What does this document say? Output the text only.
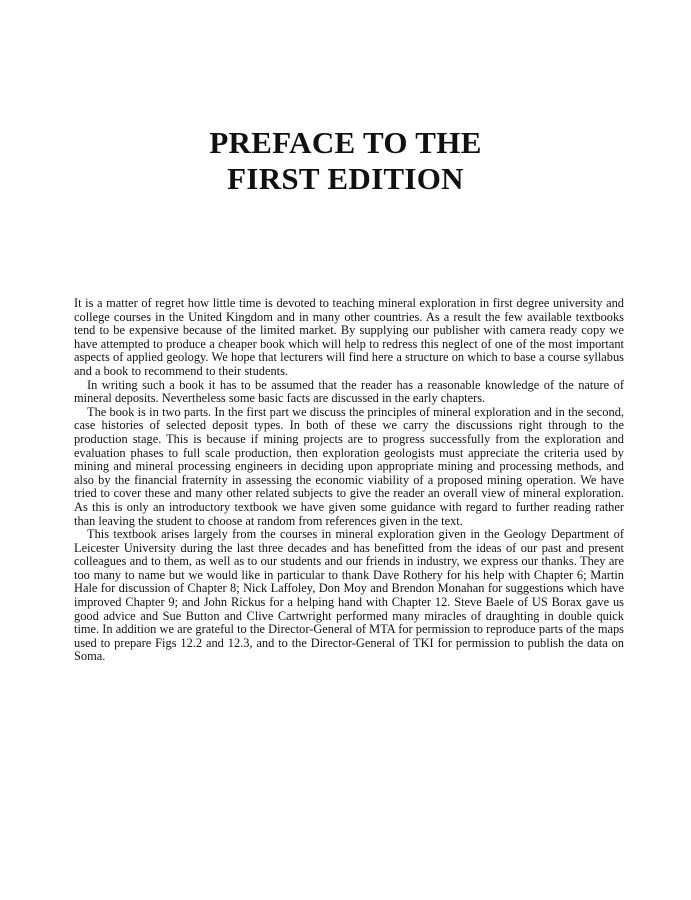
PREFACE TO THE
FIRST EDITION

It is a matter of regret how little time is devoted to teaching mineral exploration in first degree university and college courses in the United Kingdom and in many other countries. As a result the few available textbooks tend to be expensive because of the limited market. By supplying our publisher with camera ready copy we have attempted to produce a cheaper book which will help to redress this neglect of one of the most important aspects of applied geology. We hope that lecturers will find here a structure on which to base a course syllabus and a book to recommend to their students.

In writing such a book it has to be assumed that the reader has a reasonable knowledge of the nature of mineral deposits. Nevertheless some basic facts are discussed in the early chapters.

The book is in two parts. In the first part we discuss the principles of mineral exploration and in the second, case histories of selected deposit types. In both of these we carry the discussions right through to the production stage. This is because if mining projects are to progress successfully from the exploration and evaluation phases to full scale production, then exploration geologists must appreciate the criteria used by mining and mineral processing engineers in deciding upon appropriate mining and processing methods, and also by the financial fraternity in assessing the economic viability of a proposed mining operation. We have tried to cover these and many other related subjects to give the reader an overall view of mineral exploration. As this is only an introductory textbook we have given some guidance with regard to further reading rather than leaving the student to choose at random from references given in the text.

This textbook arises largely from the courses in mineral exploration given in the Geology Department of Leicester University during the last three decades and has benefitted from the ideas of our past and present colleagues and to them, as well as to our students and our friends in industry, we express our thanks. They are too many to name but we would like in particular to thank Dave Rothery for his help with Chapter 6; Martin Hale for discussion of Chapter 8; Nick Laffoley, Don Moy and Brendon Monahan for suggestions which have improved Chapter 9; and John Rickus for a helping hand with Chapter 12. Steve Baele of US Borax gave us good advice and Sue Button and Clive Cartwright performed many miracles of draughting in double quick time. In addition we are grateful to the Director-General of MTA for permission to reproduce parts of the maps used to prepare Figs 12.2 and 12.3, and to the Director-General of TKI for permission to publish the data on Soma.
